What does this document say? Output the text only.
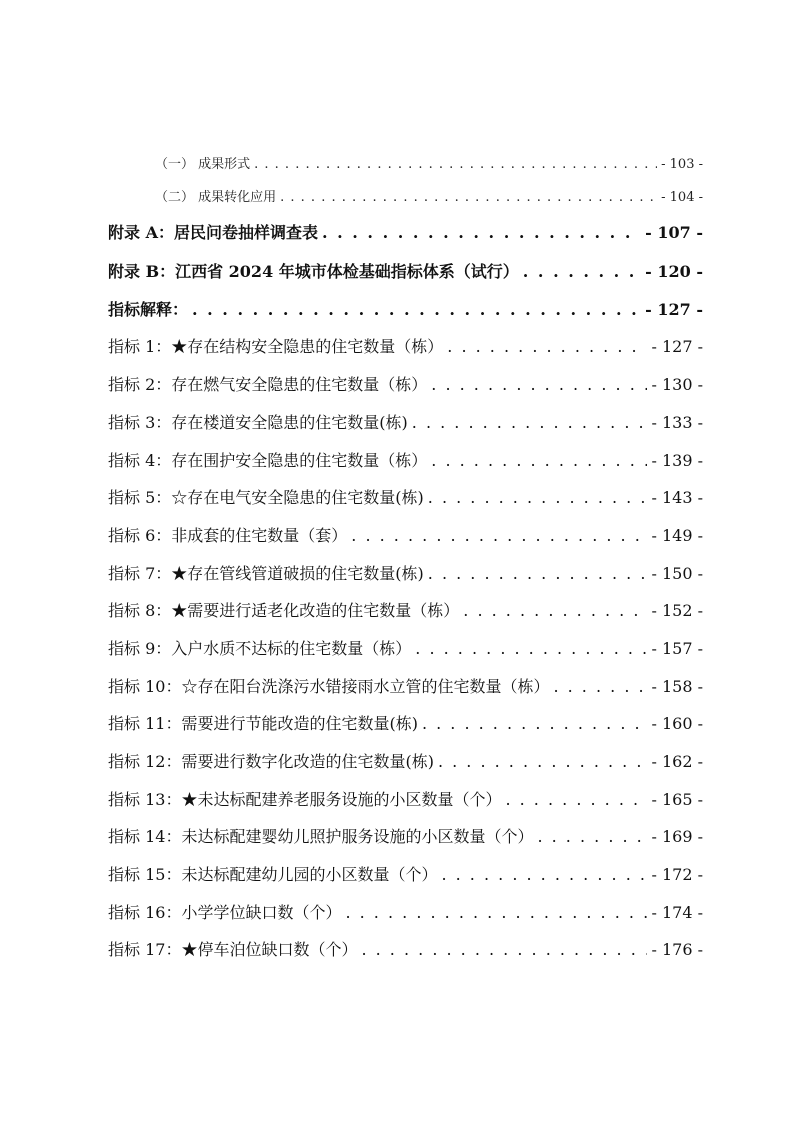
（一） 成果形式 . . .	- 103 -
（二） 成果转化应用 . . .	- 104 -
附录 A：居民问卷抽样调查表 . . .	- 107 -
附录 B：江西省 2024 年城市体检基础指标体系（试行） . . .	- 120 -
指标解释： . . .	- 127 -
指标 1：★存在结构安全隐患的住宅数量（栋） . . .	- 127 -
指标 2：存在燃气安全隐患的住宅数量（栋） . . .	- 130 -
指标 3：存在楼道安全隐患的住宅数量(栋) . . .	- 133 -
指标 4：存在围护安全隐患的住宅数量（栋） . . .	- 139 -
指标 5：☆存在电气安全隐患的住宅数量(栋) . . .	- 143 -
指标 6：非成套的住宅数量（套） . . .	- 149 -
指标 7：★存在管线管道破损的住宅数量(栋) . . .	- 150 -
指标 8：★需要进行适老化改造的住宅数量（栋） . . .	- 152 -
指标 9：入户水质不达标的住宅数量（栋） . . .	- 157 -
指标 10：☆存在阳台洗涤污水错接雨水立管的住宅数量（栋） . . .	- 158 -
指标 11：需要进行节能改造的住宅数量(栋) . . .	- 160 -
指标 12：需要进行数字化改造的住宅数量(栋) . . .	- 162 -
指标 13：★未达标配建养老服务设施的小区数量（个） . . .	- 165 -
指标 14：未达标配建婴幼儿照护服务设施的小区数量（个） . . .	- 169 -
指标 15：未达标配建幼儿园的小区数量（个） . . .	- 172 -
指标 16：小学学位缺口数（个） . . .	- 174 -
指标 17：★停车泊位缺口数（个） . . .	- 176 -
